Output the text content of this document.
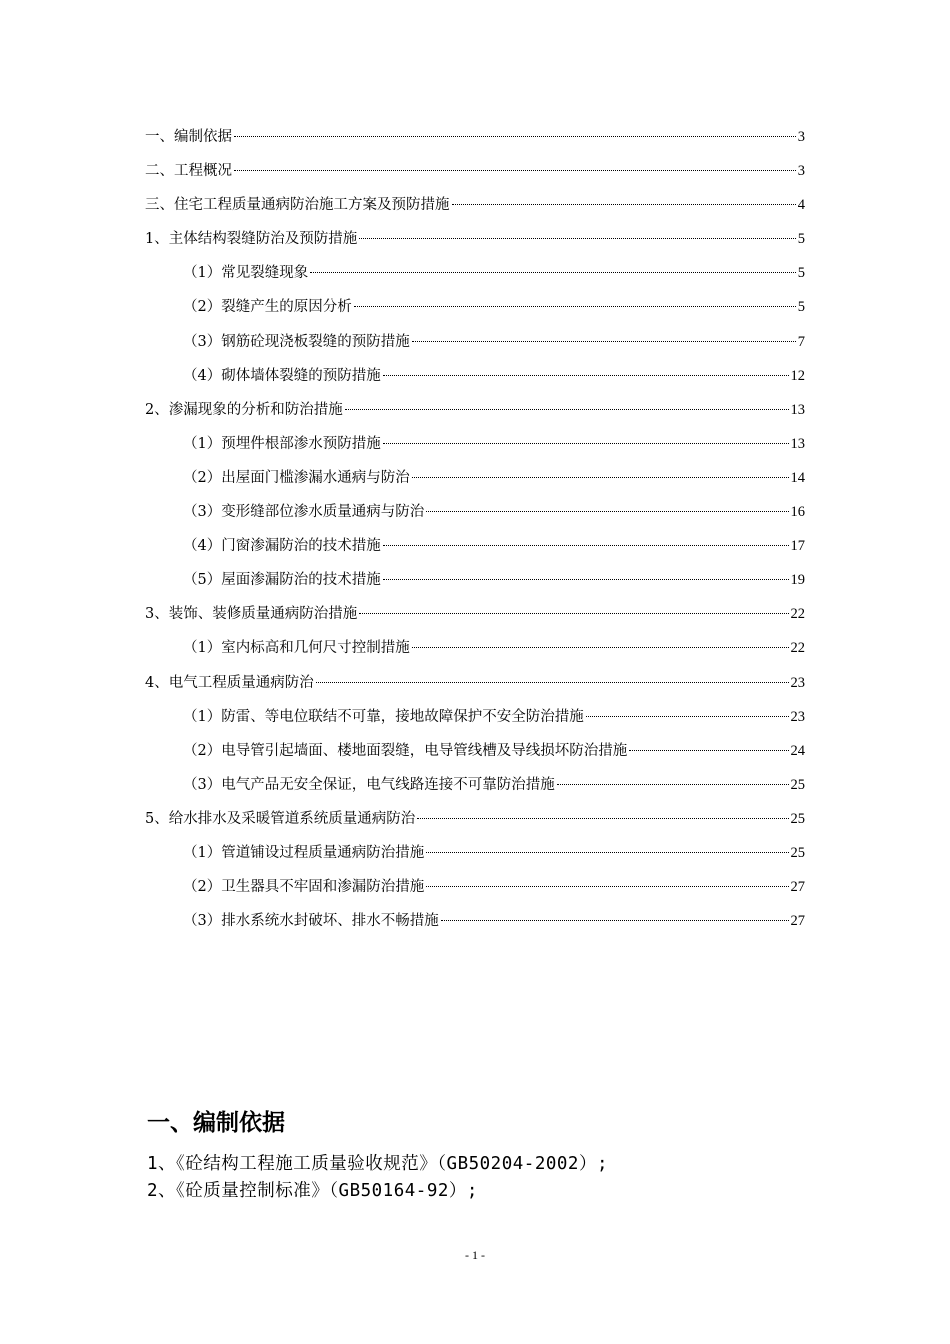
一、编制依据	3
二、工程概况	3
三、住宅工程质量通病防治施工方案及预防措施	4
1、主体结构裂缝防治及预防措施	5
（1）常见裂缝现象	5
（2）裂缝产生的原因分析	5
（3）钢筋砼现浇板裂缝的预防措施	7
（4）砌体墙体裂缝的预防措施	12
2、渗漏现象的分析和防治措施	13
（1）预埋件根部渗水预防措施	13
（2）出屋面门槛渗漏水通病与防治	14
（3）变形缝部位渗水质量通病与防治	16
（4）门窗渗漏防治的技术措施	17
（5）屋面渗漏防治的技术措施	19
3、装饰、装修质量通病防治措施	22
（1）室内标高和几何尺寸控制措施	22
4、电气工程质量通病防治	23
（1）防雷、等电位联结不可靠，接地故障保护不安全防治措施	23
（2）电导管引起墙面、楼地面裂缝，电导管线槽及导线损坏防治措施	24
（3）电气产品无安全保证，电气线路连接不可靠防治措施	25
5、给水排水及采暖管道系统质量通病防治	25
（1）管道铺设过程质量通病防治措施	25
（2）卫生器具不牢固和渗漏防治措施	27
（3）排水系统水封破坏、排水不畅措施	27
一、编制依据
1、《砼结构工程施工质量验收规范》（GB50204-2002）;
2、《砼质量控制标准》（GB50164-92）;
- 1 -
